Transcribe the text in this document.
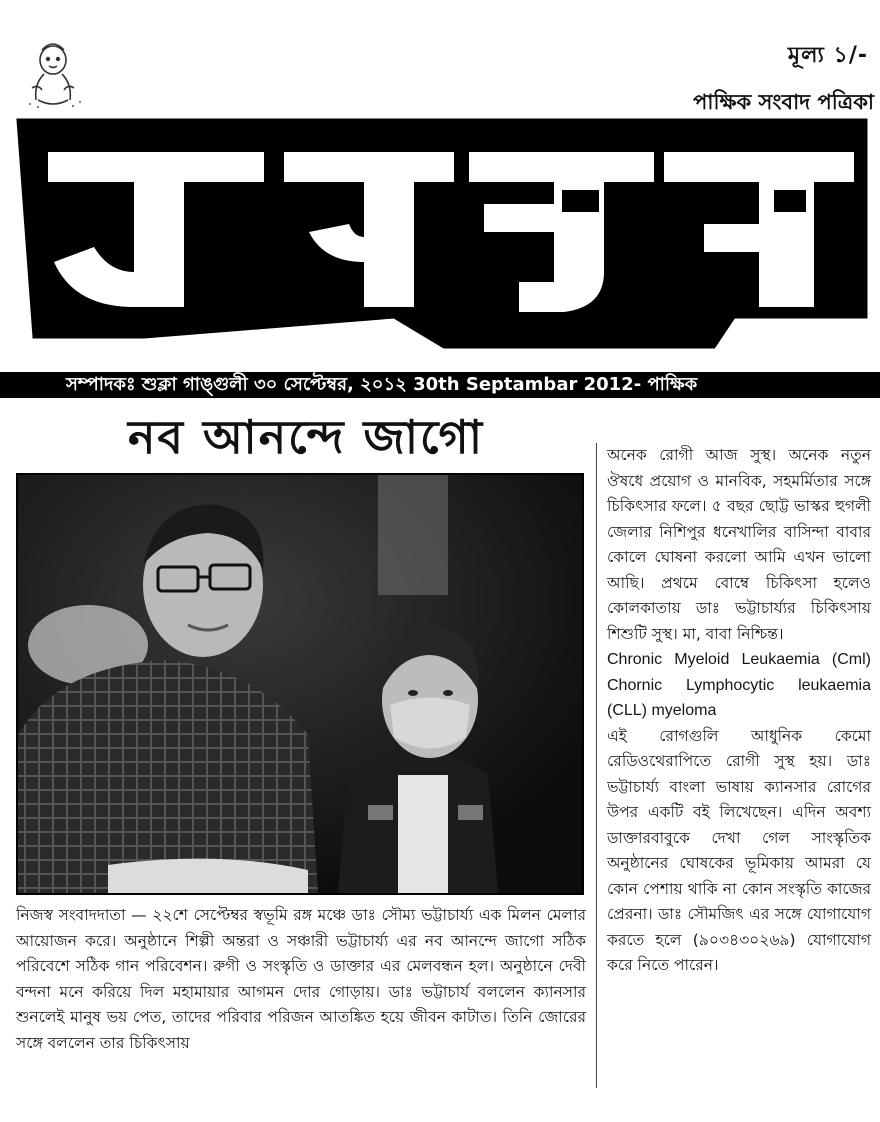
মূল্য ১/-
পাক্ষিক সংবাদ পত্রিকা
সম্পাদকঃ শুক্লা গাঙ্গুলী ৩০ সেপ্টেম্বর, ২০১২ 30th Septambar 2012- পাক্ষিক
নব আনন্দে জাগো
নিজস্ব সংবাদদাতা — ২২শে সেপ্টেম্বর স্বভূমি রঙ্গ মঞ্চে ডাঃ সৌম্য ভট্টাচার্য্য এক মিলন মেলার আয়োজন করে। অনুষ্ঠানে শিল্পী অন্তরা ও সঞ্চারী ভট্টাচার্য্য এর নব আনন্দে জাগো সঠিক পরিবেশে সঠিক গান পরিবেশন। রুগী ও সংস্কৃতি ও ডাক্তার এর মেলবন্ধন হল। অনুষ্ঠানে দেবী বন্দনা মনে করিয়ে দিল মহামায়ার আগমন দোর গোড়ায়। ডাঃ ভট্টাচার্য বললেন ক্যানসার শুনলেই মানুষ ভয় পেত, তাদের পরিবার পরিজন আতঙ্কিত হয়ে জীবন কাটাত। তিনি জোরের সঙ্গে বললেন তার চিকিৎসায়

অনেক রোগী আজ সুস্থ। অনেক নতুন ঔষধে প্রয়োগ ও মানবিক, সহমর্মিতার সঙ্গে চিকিৎসার ফলে। ৫ বছর ছোট্ট ভাস্কর হুগলী জেলার নিশিপুর ধনেখালির বাসিন্দা বাবার কোলে ঘোষনা করলো আমি এখন ভালো আছি। প্রথমে বোম্বে চিকিৎসা হলেও কোলকাতায় ডাঃ ভট্টাচার্য্যর চিকিৎসায় শিশুটি সুস্থ। মা, বাবা নিশ্চিন্ত।

Chronic Myeloid Leukaemia (Cml) Chornic Lymphocytic leukaemia (CLL) myeloma

এই রোগগুলি আধুনিক কেমো রেডিওথেরাপিতে রোগী সুস্থ হয়। ডাঃ ভট্টাচার্য্য বাংলা ভাষায় ক্যানসার রোগের উপর একটি বই লিখেছেন। এদিন অবশ্য ডাক্তারবাবুকে দেখা গেল সাংস্কৃতিক অনুষ্ঠানের ঘোষকের ভূমিকায় আমরা যে কোন পেশায় থাকি না কোন সংস্কৃতি কাজের প্রেরনা। ডাঃ সৌমজিৎ এর সঙ্গে যোগাযোগ করতে হলে (৯০৩৪৩০২৬৯) যোগাযোগ করে নিতে পারেন।
